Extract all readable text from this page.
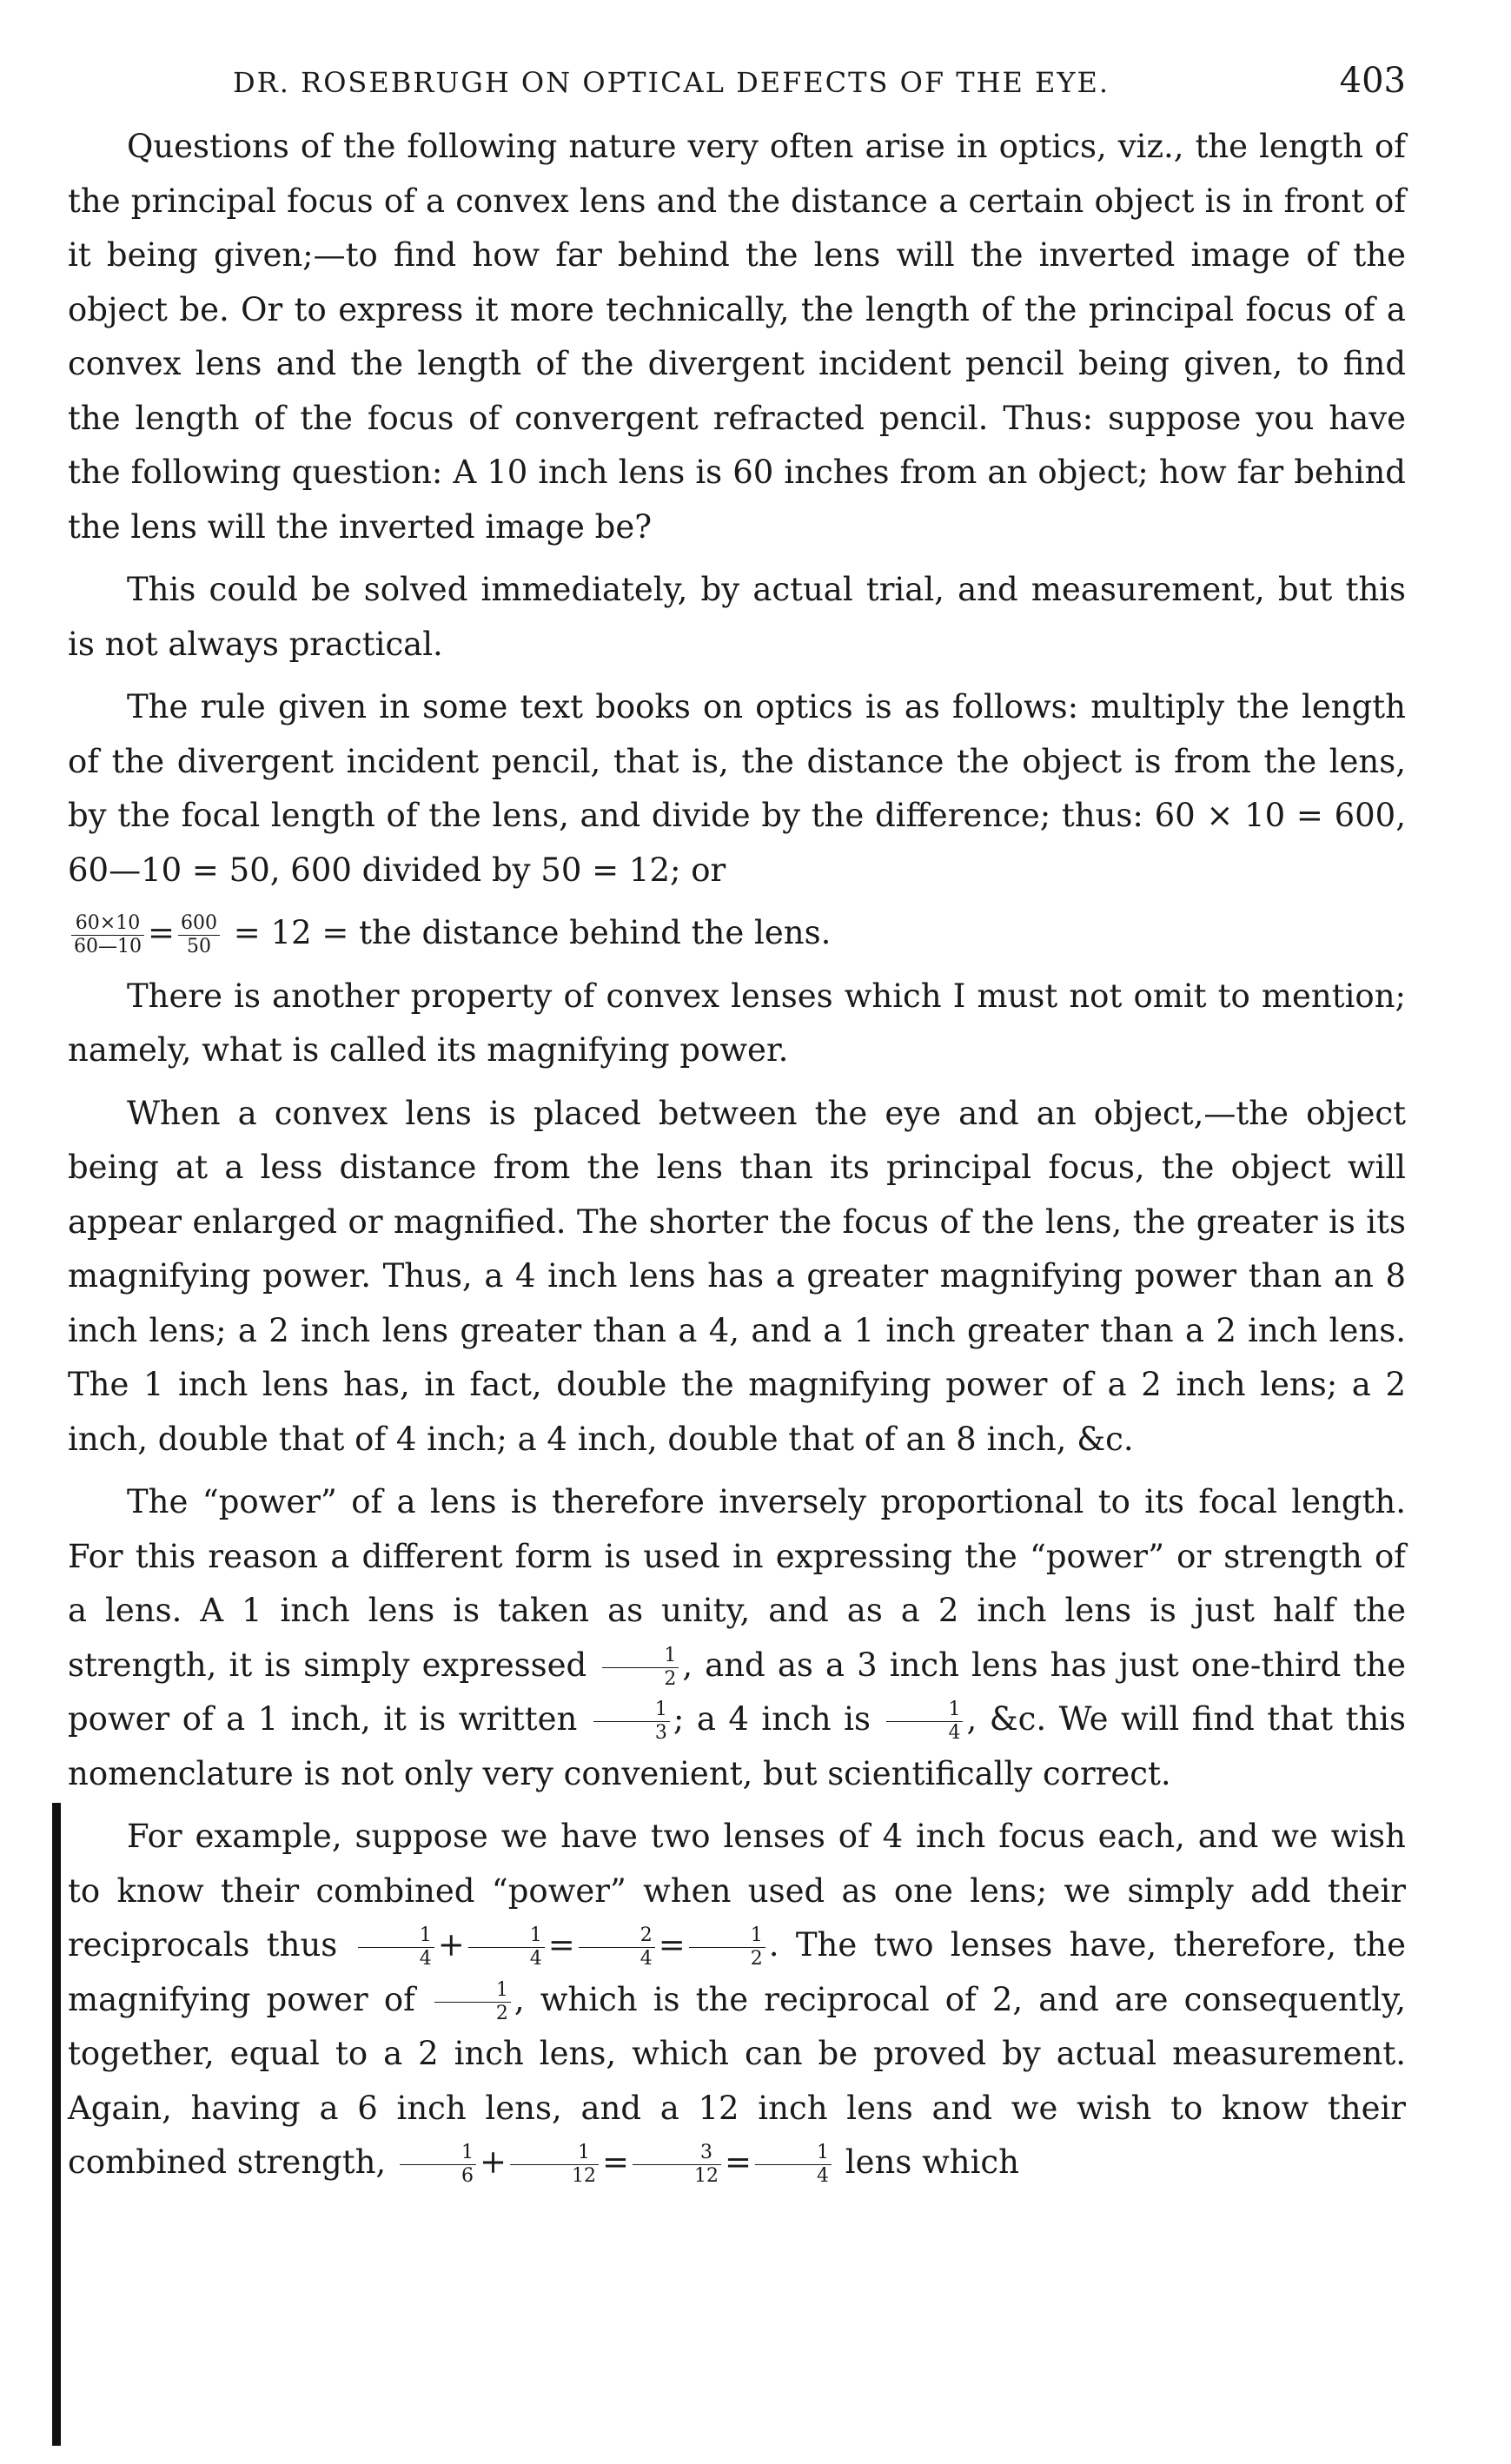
DR. ROSEBRUGH ON OPTICAL DEFECTS OF THE EYE.	403

Questions of the following nature very often arise in optics, viz., the length of the principal focus of a convex lens and the distance a certain object is in front of it being given;—to find how far behind the lens will the inverted image of the object be. Or to express it more technically, the length of the principal focus of a convex lens and the length of the divergent incident pencil being given, to find the length of the focus of convergent refracted pencil. Thus: suppose you have the following question: A 10 inch lens is 60 inches from an object; how far behind the lens will the inverted image be?

This could be solved immediately, by actual trial, and measurement, but this is not always practical.

The rule given in some text books on optics is as follows: multiply the length of the divergent incident pencil, that is, the distance the object is from the lens, by the focal length of the lens, and divide by the difference; thus: 60 × 10 = 600, 60—10 = 50, 600 divided by 50 = 12; or

$\frac{60\times 10}{60—10} = \frac{600}{50} = 12$ = the distance behind the lens.

There is another property of convex lenses which I must not omit to mention; namely, what is called its magnifying power.

When a convex lens is placed between the eye and an object,—the object being at a less distance from the lens than its principal focus, the object will appear enlarged or magnified. The shorter the focus of the lens, the greater is its magnifying power. Thus, a 4 inch lens has a greater magnifying power than an 8 inch lens; a 2 inch lens greater than a 4, and a 1 inch greater than a 2 inch lens. The 1 inch lens has, in fact, double the magnifying power of a 2 inch lens; a 2 inch, double that of 4 inch; a 4 inch, double that of an 8 inch, &c.

The “power” of a lens is therefore inversely proportional to its focal length. For this reason a different form is used in expressing the “power” or strength of a lens. A 1 inch lens is taken as unity, and as a 2 inch lens is just half the strength, it is simply expressed $\frac{1}{2}$ , and as a 3 inch lens has just one-third the power of a 1 inch, it is written $\frac{1}{3}$ ; a 4 inch is $\frac{1}{4}$ , &c. We will find that this nomenclature is not only very convenient, but scientifically correct.

For example, suppose we have two lenses of 4 inch focus each, and we wish to know their combined “power” when used as one lens; we simply add their reciprocals thus $\frac{1}{4} + \frac{1}{4} = \frac{2}{4} = \frac{1}{2}$ . The two lenses have, therefore, the magnifying power of $\frac{1}{2}$ , which is the reciprocal of 2, and are consequently, together, equal to a 2 inch lens, which can be proved by actual measurement. Again, having a 6 inch lens, and a 12 inch lens and we wish to know their combined strength, $\frac{1}{6} + \frac{1}{12} = \frac{3}{12} = \frac{1}{4}$ lens which
